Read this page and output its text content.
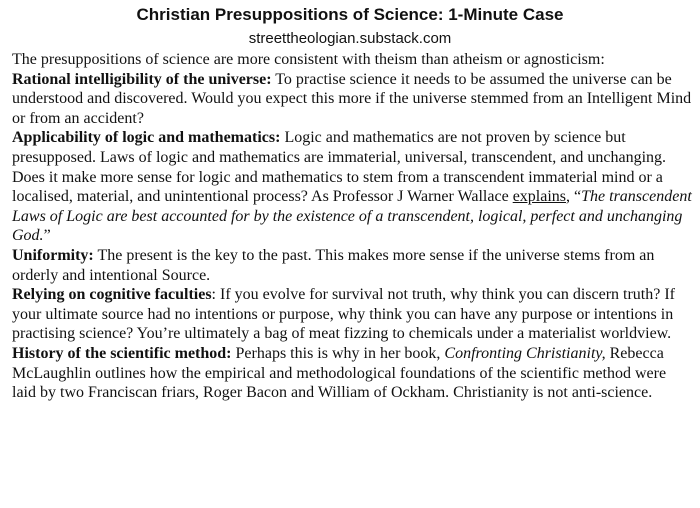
Christian Presuppositions of Science: 1-Minute Case
streettheologian.substack.com

The presuppositions of science are more consistent with theism than atheism or agnosticism:

Rational intelligibility of the universe: To practise science it needs to be assumed the universe can be understood and discovered. Would you expect this more if the universe stemmed from an Intelligent Mind or from an accident?

Applicability of logic and mathematics: Logic and mathematics are not proven by science but presupposed. Laws of logic and mathematics are immaterial, universal, transcendent, and unchanging. Does it make more sense for logic and mathematics to stem from a transcendent immaterial mind or a localised, material, and unintentional process? As Professor J Warner Wallace explains, “The transcendent Laws of Logic are best accounted for by the existence of a transcendent, logical, perfect and unchanging God.”

Uniformity: The present is the key to the past. This makes more sense if the universe stems from an orderly and intentional Source.

Relying on cognitive faculties: If you evolve for survival not truth, why think you can discern truth? If your ultimate source had no intentions or purpose, why think you can have any purpose or intentions in practising science? You’re ultimately a bag of meat fizzing to chemicals under a materialist worldview.

History of the scientific method: Perhaps this is why in her book, Confronting Christianity, Rebecca McLaughlin outlines how the empirical and methodological foundations of the scientific method were laid by two Franciscan friars, Roger Bacon and William of Ockham. Christianity is not anti-science.
